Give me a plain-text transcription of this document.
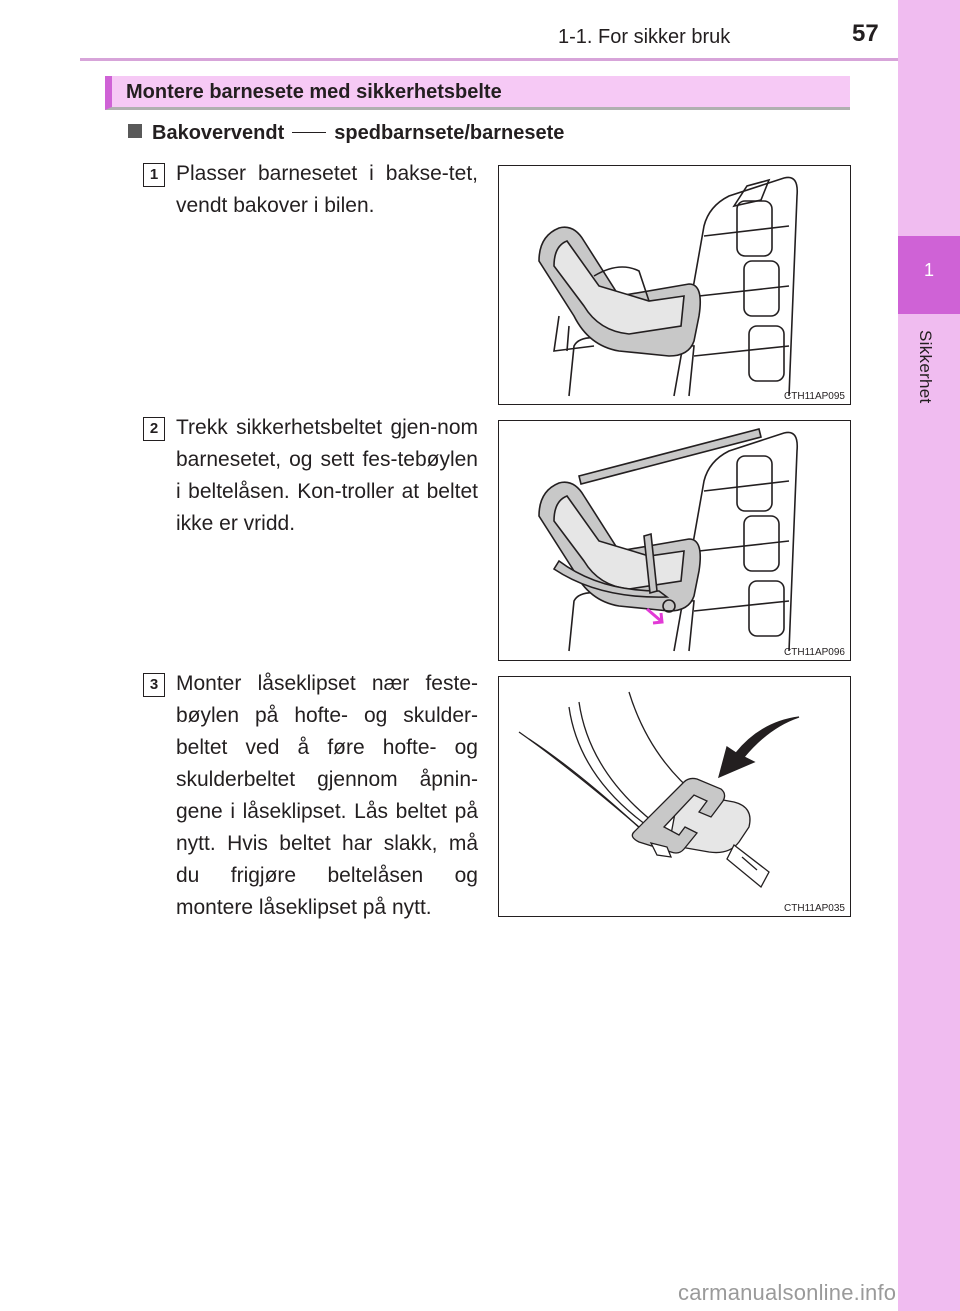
1-1. For sikker bruk	57
1
Sikkerhet
Montere barnesete med sikkerhetsbelte
Bakovervendt	spedbarnsete/barnesete
1 Plasser barnesetet i bakse-tet, vendt bakover i bilen.
CTH11AP095
2 Trekk sikkerhetsbeltet gjen-nom barnesetet, og sett fes-tebøylen i beltelåsen. Kon-troller at beltet ikke er vridd.
CTH11AP096
3 Monter låseklipset nær feste-bøylen på hofte- og skulder-beltet ved å føre hofte- og skulderbeltet gjennom åpnin-gene i låseklipset. Lås beltet på nytt. Hvis beltet har slakk, må du frigjøre beltelåsen og montere låseklipset på nytt.	CTH11AP035
carmanualsonline.info
